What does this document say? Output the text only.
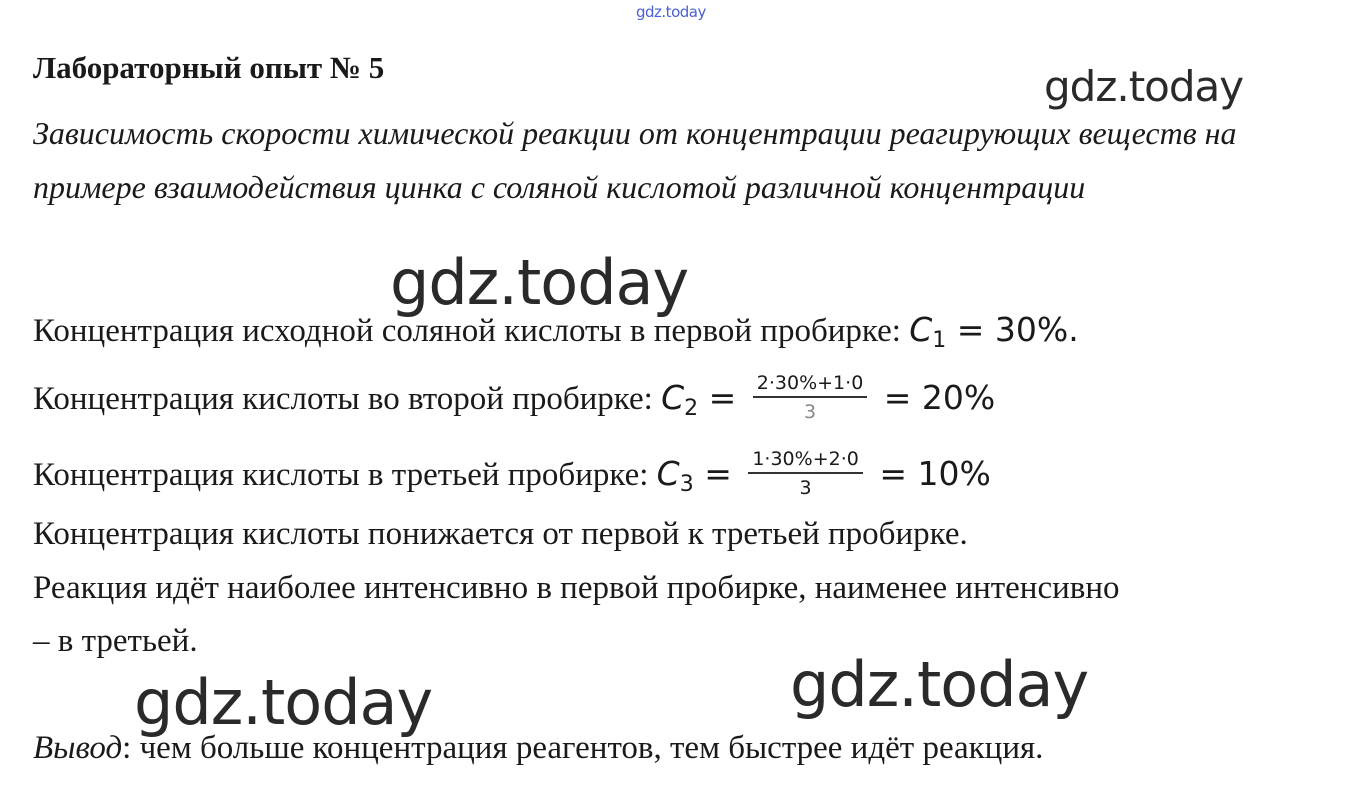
gdz.today
Лабораторный опыт № 5	gdz.today
Зависимость скорости химической реакции от концентрации реагирующих веществ на примере взаимодействия цинка с соляной кислотой различной концентрации
gdz.today
Концентрация исходной соляной кислоты в первой пробирке: C1 = 30%.
Концентрация кислоты во второй пробирке: $C2 = \frac{2\cdot 30\%+1\cdot 0}{3} = 20\%$
Концентрация кислоты в третьей пробирке: $C3 = \frac{1\cdot 30\%+2\cdot 0}{3} = 10\%$
Концентрация кислоты понижается от первой к третьей пробирке.
Реакция идёт наиболее интенсивно в первой пробирке, наименее интенсивно
– в третьей.
gdz.today	gdz.today
Вывод: чем больше концентрация реагентов, тем быстрее идёт реакция.
